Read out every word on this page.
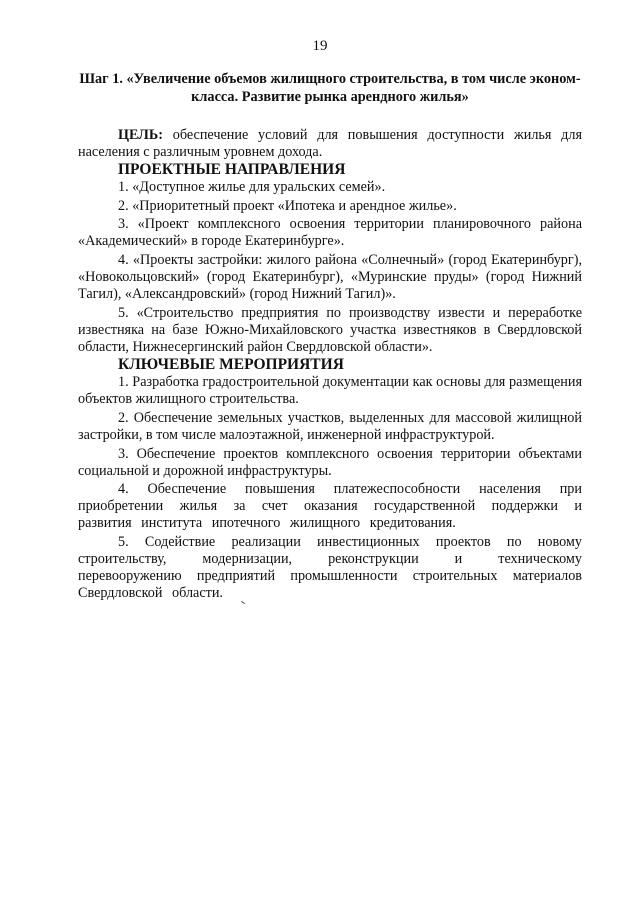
19
Шаг 1. «Увеличение объемов жилищного строительства, в том числе эконом-класса. Развитие рынка арендного жилья»

ЦЕЛЬ: обеспечение условий для повышения доступности жилья для населения с различным уровнем дохода.

ПРОЕКТНЫЕ НАПРАВЛЕНИЯ

1. «Доступное жилье для уральских семей».

2. «Приоритетный проект «Ипотека и арендное жилье».

3. «Проект комплексного освоения территории планировочного района «Академический» в городе Екатеринбурге».

4. «Проекты застройки: жилого района «Солнечный» (город Екатеринбург), «Новокольцовский» (город Екатеринбург), «Муринские пруды» (город Нижний Тагил), «Александровский» (город Нижний Тагил)».

5. «Строительство предприятия по производству извести и переработке известняка на базе Южно-Михайловского участка известняков в Свердловской области, Нижнесергинский район Свердловской области».

КЛЮЧЕВЫЕ МЕРОПРИЯТИЯ

1. Разработка градостроительной документации как основы для размещения объектов жилищного строительства.

2. Обеспечение земельных участков, выделенных для массовой жилищной застройки, в том числе малоэтажной, инженерной инфраструктурой.

3. Обеспечение проектов комплексного освоения территории объектами социальной и дорожной инфраструктуры.

4. Обеспечение повышения платежеспособности населения при приобретении жилья за счет оказания государственной поддержки и развития института ипотечного жилищного кредитования.

5. Содействие реализации инвестиционных проектов по новому строительству, модернизации, реконструкции и техническому перевооружению предприятий промышленности строительных материалов Свердловской области.
